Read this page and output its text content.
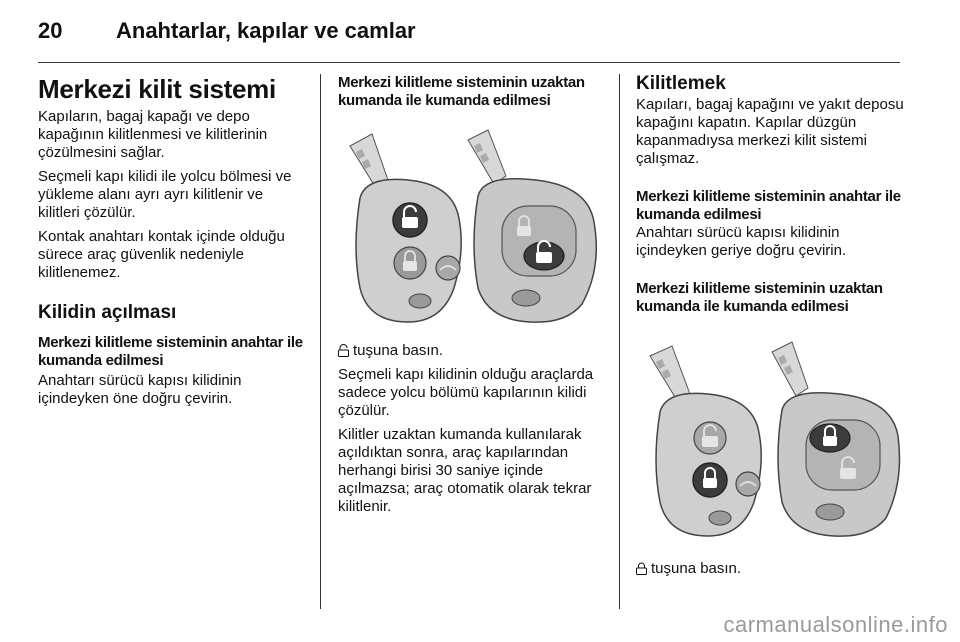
20 Anahtarlar, kapılar ve camlar
Merkezi kilit sistemi

Kapıların, bagaj kapağı ve depo kapağının kilitlenmesi ve kilitlerinin çözülmesini sağlar.

Seçmeli kapı kilidi ile yolcu bölmesi ve yükleme alanı ayrı ayrı kilitlenir ve kilitleri çözülür.

Kontak anahtarı kontak içinde olduğu sürece araç güvenlik nedeniyle kilitlenemez.

Kilidin açılması
Merkezi kilitleme sisteminin anahtar ile kumanda edilmesi

Anahtarı sürücü kapısı kilidinin içindeyken öne doğru çevirin.

Merkezi kilitleme sisteminin uzaktan kumanda ile kumanda edilmesi

tuşuna basın.

Seçmeli kapı kilidinin olduğu araçlarda sadece yolcu bölümü kapılarının kilidi çözülür.

Kilitler uzaktan kumanda kullanılarak açıldıktan sonra, araç kapılarından herhangi birisi 30 saniye içinde açılmazsa; araç otomatik olarak tekrar kilitlenir.

Kilitlemek

Kapıları, bagaj kapağını ve yakıt deposu kapağını kapatın. Kapılar düzgün kapanmadıysa merkezi kilit sistemi çalışmaz.

Merkezi kilitleme sisteminin anahtar ile kumanda edilmesi

Anahtarı sürücü kapısı kilidinin içindeyken geriye doğru çevirin.

Merkezi kilitleme sisteminin uzaktan kumanda ile kumanda edilmesi

tuşuna basın.

carmanualsonline.info
